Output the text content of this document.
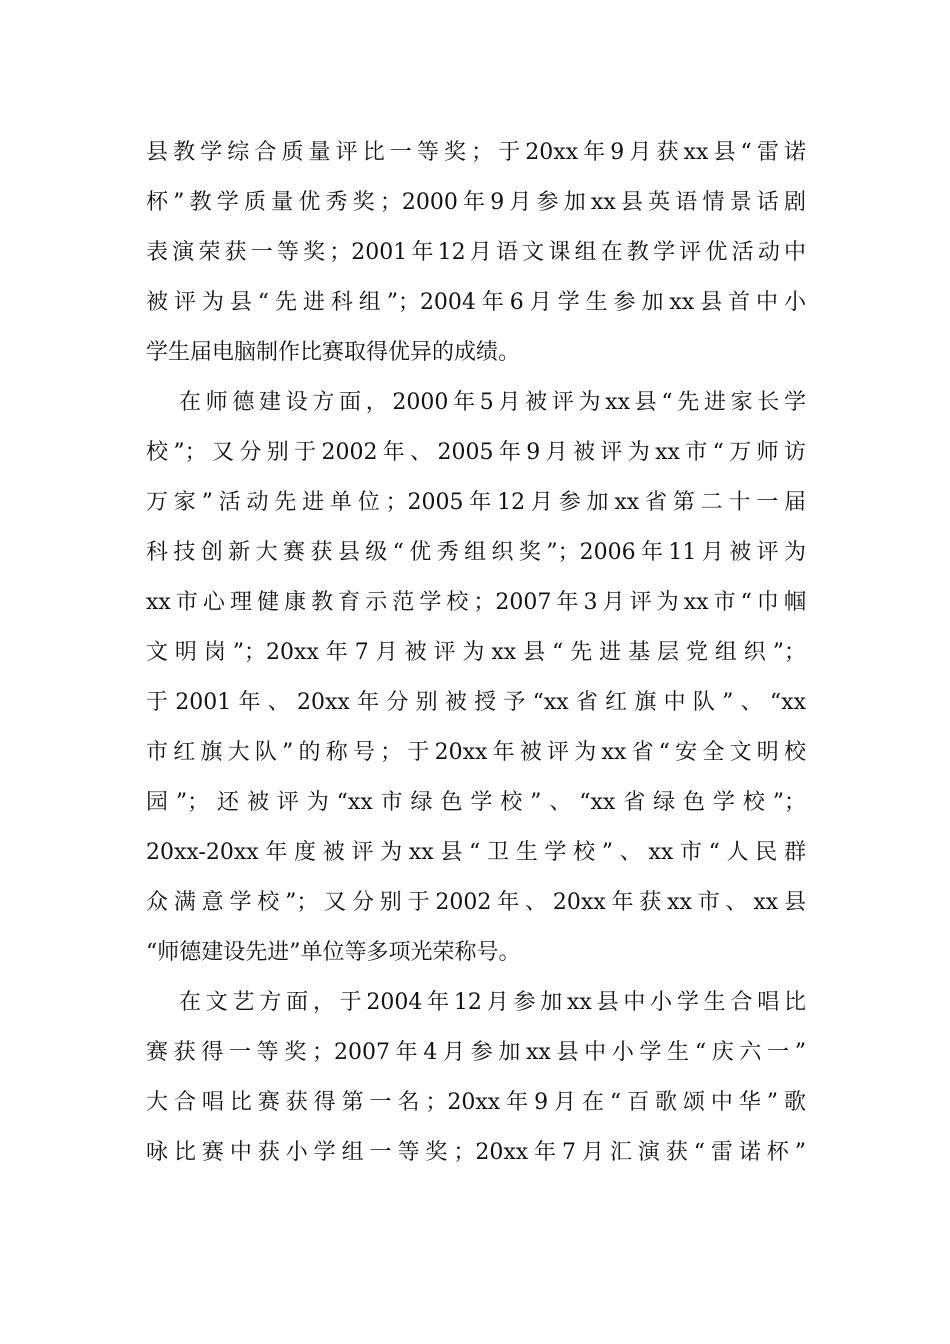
县教学综合质量评比一等奖；于20xx年9月获xx县“雷诺
杯”教学质量优秀奖；2000年9月参加xx县英语情景话剧
表演荣获一等奖；2001年12月语文课组在教学评优活动中
被评为县“先进科组”；2004年6月学生参加xx县首中小
学生届电脑制作比赛取得优异的成绩。
在师德建设方面，2000年5月被评为xx县“先进家长学
校”；又分别于2002年、2005年9月被评为xx市“万师访
万家”活动先进单位；2005年12月参加xx省第二十一届
科技创新大赛获县级“优秀组织奖”；2006年11月被评为
xx市心理健康教育示范学校；2007年3月评为xx市“巾帼
文明岗”；20xx年7月被评为xx县“先进基层党组织”；
于2001年、20xx年分别被授予“xx省红旗中队”、“xx
市红旗大队”的称号；于20xx年被评为xx省“安全文明校
园”；还被评为“xx市绿色学校”、“xx省绿色学校”；
20xx-20xx年度被评为xx县“卫生学校”、xx市“人民群
众满意学校”；又分别于2002年、20xx年获xx市、xx县
“师德建设先进”单位等多项光荣称号。
在文艺方面，于2004年12月参加xx县中小学生合唱比
赛获得一等奖；2007年4月参加xx县中小学生“庆六一”
大合唱比赛获得第一名；20xx年9月在“百歌颂中华”歌
咏比赛中获小学组一等奖；20xx年7月汇演获“雷诺杯”
